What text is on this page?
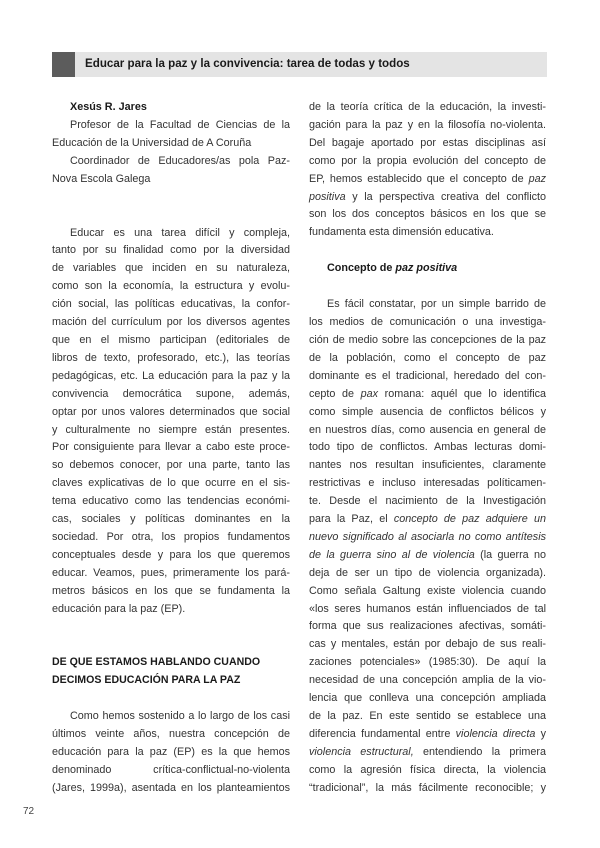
Educar para la paz y la convivencia: tarea de todas y todos
Xesús R. Jares
Profesor de la Facultad de Ciencias de la
Educación de la Universidad de A Coruña
Coordinador de Educadores/as pola Paz-
Nova Escola Galega
Educar es una tarea difícil y compleja,
tanto por su finalidad como por la diversidad
de variables que inciden en su naturaleza,
como son la economía, la estructura y evolu-
ción social, las políticas educativas, la confor-
mación del currículum por los diversos agentes
que en el mismo participan (editoriales de
libros de texto, profesorado, etc.), las teorías
pedagógicas, etc. La educación para la paz y la
convivencia democrática supone, además,
optar por unos valores determinados que social
y culturalmente no siempre están presentes.
Por consiguiente para llevar a cabo este proce-
so debemos conocer, por una parte, tanto las
claves explicativas de lo que ocurre en el sis-
tema educativo como las tendencias económi-
cas, sociales y políticas dominantes en la
sociedad. Por otra, los propios fundamentos
conceptuales desde y para los que queremos
educar. Veamos, pues, primeramente los pará-
metros básicos en los que se fundamenta la
educación para la paz (EP).
DE QUE ESTAMOS HABLANDO CUANDO
DECIMOS EDUCACIÓN PARA LA PAZ
Como hemos sostenido a lo largo de los casi
últimos veinte años, nuestra concepción de
educación para la paz (EP) es la que hemos
denominado crítica-conflictual-no-violenta
(Jares, 1999a), asentada en los planteamientos
de la teoría crítica de la educación, la investi-
gación para la paz y en la filosofía no-violenta.
Del bagaje aportado por estas disciplinas así
como por la propia evolución del concepto de
EP, hemos establecido que el concepto de paz
positiva y la perspectiva creativa del conflicto
son los dos conceptos básicos en los que se
fundamenta esta dimensión educativa.
Concepto de paz positiva
Es fácil constatar, por un simple barrido de
los medios de comunicación o una investiga-
ción de medio sobre las concepciones de la paz
de la población, como el concepto de paz
dominante es el tradicional, heredado del con-
cepto de pax romana: aquél que lo identifica
como simple ausencia de conflictos bélicos y
en nuestros días, como ausencia en general de
todo tipo de conflictos. Ambas lecturas domi-
nantes nos resultan insuficientes, claramente
restrictivas e incluso interesadas políticamen-
te. Desde el nacimiento de la Investigación
para la Paz, el concepto de paz adquiere un
nuevo significado al asociarla no como antítesis
de la guerra sino al de violencia (la guerra no
deja de ser un tipo de violencia organizada).
Como señala Galtung existe violencia cuando
«los seres humanos están influenciados de tal
forma que sus realizaciones afectivas, somáti-
cas y mentales, están por debajo de sus reali-
zaciones potenciales» (1985:30). De aquí la
necesidad de una concepción amplia de la vio-
lencia que conlleva una concepción ampliada
de la paz. En este sentido se establece una
diferencia fundamental entre violencia directa y
violencia estructural, entendiendo la primera
como la agresión física directa, la violencia
“tradicional”, la más fácilmente reconocible; y
72
